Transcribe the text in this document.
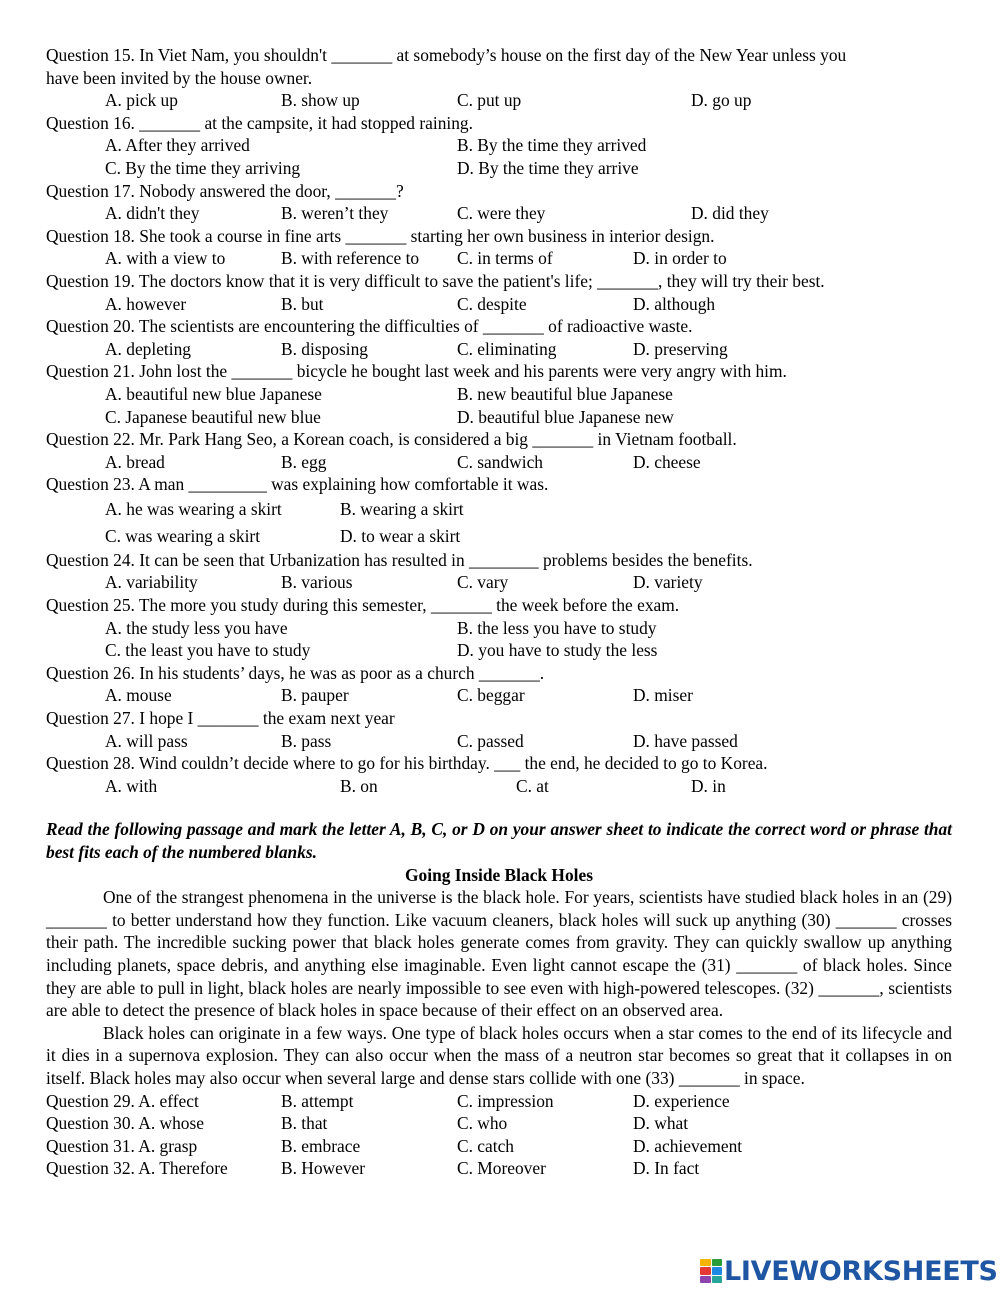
Question 15. In Viet Nam, you shouldn't _______ at somebody’s house on the first day of the New Year unless you
have been invited by the house owner.
A. pick up	B. show up	C. put up	D. go up
Question 16. _______ at the campsite, it had stopped raining.
A. After they arrived	B. By the time they arrived
C. By the time they arriving	D. By the time they arrive
Question 17. Nobody answered the door, _______?
A. didn't they	B. weren’t they	C. were they	D. did they
Question 18. She took a course in fine arts _______ starting her own business in interior design.
A. with a view to	B. with reference to C. in terms of	D. in order to
Question 19. The doctors know that it is very difficult to save the patient's life; _______, they will try their best.
A. however	B. but	C. despite	D. although
Question 20. The scientists are encountering the difficulties of _______ of radioactive waste.
A. depleting	B. disposing	C. eliminating	D. preserving
Question 21. John lost the _______ bicycle he bought last week and his parents were very angry with him.
A. beautiful new blue Japanese	B. new beautiful blue Japanese
C. Japanese beautiful new blue	D. beautiful blue Japanese new
Question 22. Mr. Park Hang Seo, a Korean coach, is considered a big _______ in Vietnam football.
A. bread	B. egg	C. sandwich	D. cheese
Question 23. A man _________ was explaining how comfortable it was.
A. he was wearing a skirt	B. wearing a skirt
C. was wearing a skirt	D. to wear a skirt
Question 24. It can be seen that Urbanization has resulted in ________ problems besides the benefits.
A. variability	B. various	C. vary	D. variety
Question 25. The more you study during this semester, _______ the week before the exam.
A. the study less you have	B. the less you have to study
C. the least you have to study	D. you have to study the less
Question 26. In his students’ days, he was as poor as a church _______.
A. mouse	B. pauper	C. beggar	D. miser
Question 27. I hope I _______ the exam next year
A. will pass	B. pass	C. passed	D. have passed
Question 28. Wind couldn’t decide where to go for his birthday. ___ the end, he decided to go to Korea.
A. with	B. on	C. at	D. in
Read the following passage and mark the letter A, B, C, or D on your answer sheet to indicate the correct word or phrase that best fits each of the numbered blanks.
Going Inside Black Holes
One of the strangest phenomena in the universe is the black hole. For years, scientists have studied black holes in an (29) _______ to better understand how they function. Like vacuum cleaners, black holes will suck up anything (30) _______ crosses their path. The incredible sucking power that black holes generate comes from gravity. They can quickly swallow up anything including planets, space debris, and anything else imaginable. Even light cannot escape the (31) _______ of black holes. Since they are able to pull in light, black holes are nearly impossible to see even with high-powered telescopes. (32) _______, scientists are able to detect the presence of black holes in space because of their effect on an observed area.
Black holes can originate in a few ways. One type of black holes occurs when a star comes to the end of its lifecycle and it dies in a supernova explosion. They can also occur when the mass of a neutron star becomes so great that it collapses in on itself. Black holes may also occur when several large and dense stars collide with one (33) _______ in space.
Question 29. A. effect	B. attempt	C. impression	D. experience
Question 30. A. whose	B. that	C. who	D. what
Question 31. A. grasp	B. embrace	C. catch	D. achievement
Question 32. A. Therefore	B. However	C. Moreover	D. In fact
LIVEWORKSHEETS
